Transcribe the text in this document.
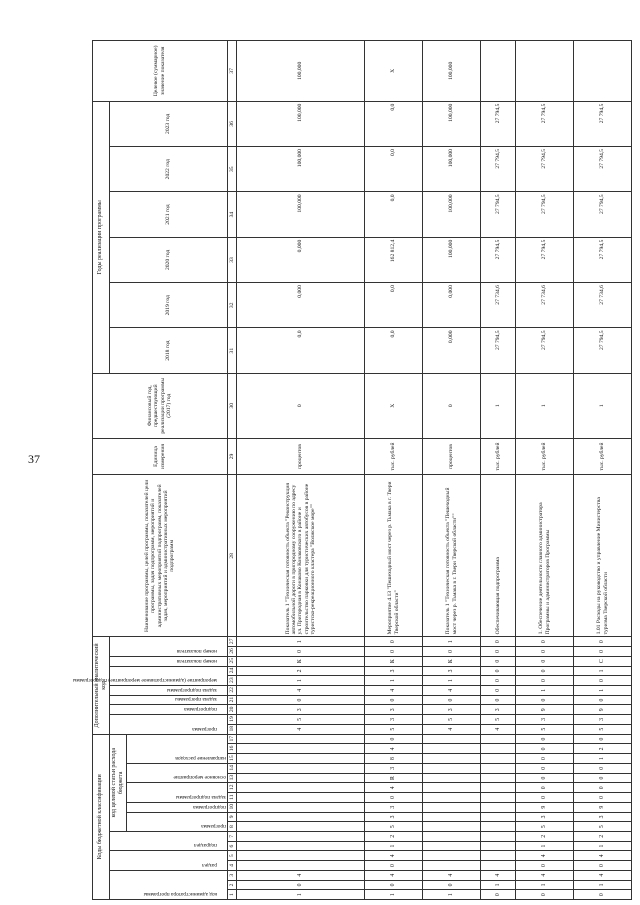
37
Коды бюджетной классификации																	Дополнительный аналитический код										Наименование программы, целей программы, показателей цели программы, задач подпрограмм, мероприятий и административных мероприятий подпрограмм, показателей задач, мероприятий и административных мероприятий подпрограмм	Единица измерения	Финансовый год, предшествующий реализации программы (2017) год	Годы реализации программы						Целевое (суммарное) значение показателя

код администратора программы			раздел		подраздел		код целевой статьи расхода бюджета										программа		подпрограмма	задача программы	задача подпрограммы	мероприятие (административное мероприятие) подпрограммы		номер показателя	номер показателя					2018 год	2019 год	2020 год	2021 год	2022 год	2023 год	

							программа		подпрограмма	задача подпрограммы		основное мероприятие		направление расходов																						

1	2	3	4	5	6	7	8	9	10	11	12	13	14	15	16	17	18	19	20	21	22	23	24	25	26	27	28	29	30	31	32	33	34	35	36	37
1	0	4															4	5	3	0	4	1	2	К	0	1	Показатель 1 "Техническая готовность объекта "Реконструкция автомобильной дороги в пригородному сооружению по адресу ул. Пригородная в Конаково Конаковского в районе и строительство парковки для туристических автобусов в районе туристско-рекреационного кластера "Волжское море""	процентов	0	0,0	0,000	0,000	100,000	100,000	100,000	100,000
1	0	4	0	4	1	2	5	3	3	0	4	R	3	8	4	0	5	3	3	0	4	1	3	К	0	0	Мероприятие 4.13 "Пешеходный мост через р. Тьмака в г. Твери Тверской области"	тыс. рублей	Х	0,0	0,0	162 812,4	0,0	0,0	0,0	Х
1	0	4															4	5	3	0	4	1	3	К	0	1	Показатель 1 "Техническая готовность объекта "Пешеходный мост через р. Тьмака в г. Твери Тверской области""	процентов	0	0,000	0,000	100,000	100,000	100,000	100,000	100,000
0	1	4															4	5	3	0	0	0	0	0	0	0	Обеспечивающая подпрограмма	тыс. рублей	1	27 794,5	27 734,6	27 794,5	27 794,5	27 794,5	27 794,5	
0	1	4	0	4	1	2	5	3	9	0	0	0	0	0	0	0	5	3	9	0	1	0	0	0	0	0	1. Обеспечение деятельности главного администратора Программы и администраторов Программы	тыс. рублей	1	27 794,5	27 734,6	27 794,5	27 794,5	27 794,5	27 794,5	
0	1	4	0	4	1	2	5	3	9	0	0	0	0	1	2	0	5	3	9	0	1	0	1	С	0	0	1.01 Расходы на руководство и управление Министерства туризма Тверской области	тыс. рублей	1	27 794,5	27 734,6	27 794,5	27 794,5	27 794,5	27 794,5	
